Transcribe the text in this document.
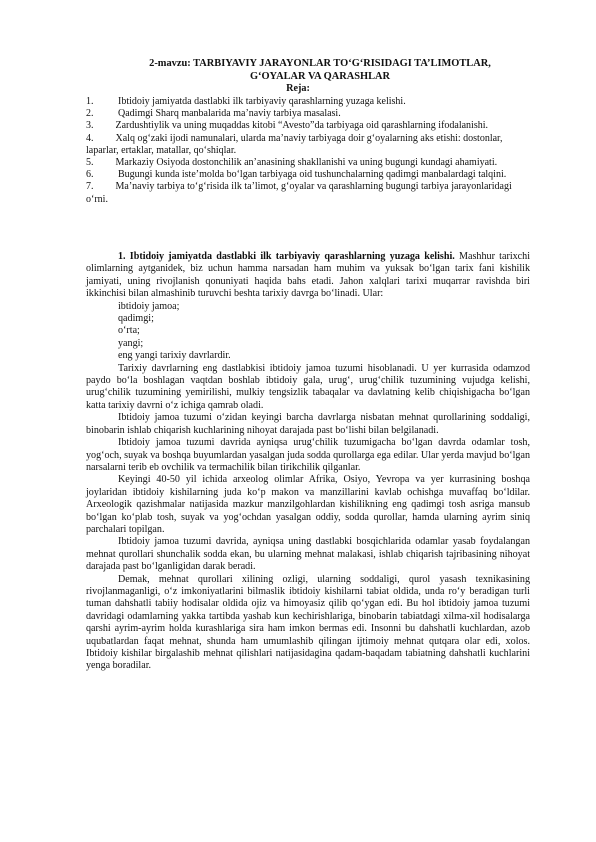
2-mavzu: TARBIYAVIY JARAYONLAR TO‘G‘RISIDAGI TA’LIMOTLAR,
G‘OYALAR VA QARASHLAR
Reja:
1.	Ibtidoiy jamiyatda dastlabki ilk tarbiyaviy qarashlarning yuzaga kelishi.
2.	Qadimgi Sharq manbalarida ma’naviy tarbiya masalasi.
3. Zardushtiylik va uning muqaddas kitobi “Avesto”da tarbiyaga oid qarashlarning ifodalanishi.
4. Xalq og‘zaki ijodi namunalari, ularda ma’naviy tarbiyaga doir g‘oyalarning aks etishi: dostonlar, laparlar, ertaklar, matallar, qo‘shiqlar.
5. Markaziy Osiyoda dostonchilik an’anasining shakllanishi va uning bugungi kundagi ahamiyati.
6.	Bugungi kunda iste’molda bo‘lgan tarbiyaga oid tushunchalarning qadimgi manbalardagi talqini.
7. Ma’naviy tarbiya to‘g‘risida ilk ta’limot, g‘oyalar va qarashlarning bugungi tarbiya jarayonlaridagi o‘rni.

1. Ibtidoiy jamiyatda dastlabki ilk tarbiyaviy qarashlarning yuzaga kelishi. Mashhur tarixchi olimlarning aytganidek, biz uchun hamma narsadan ham muhim va yuksak bo‘lgan tarix fani kishilik jamiyati, uning rivojlanish qonuniyati haqida bahs etadi. Jahon xalqlari tarixi muqarrar ravishda biri ikkinchisi bilan almashinib turuvchi beshta tarixiy davrga bo‘linadi. Ular:

ibtidoiy jamoa;
qadimgi;
o‘rta;
yangi;
eng yangi tarixiy davrlardir.

Tarixiy davrlarning eng dastlabkisi ibtidoiy jamoa tuzumi hisoblanadi. U yer kurrasida odamzod paydo bo‘la boshlagan vaqtdan boshlab ibtidoiy gala, urug‘, urug‘chilik tuzumining vujudga kelishi, urug‘chilik tuzumining yemirilishi, mulkiy tengsizlik tabaqalar va davlatning kelib chiqishigacha bo‘lgan katta tarixiy davrni o‘z ichiga qamrab oladi.

Ibtidoiy jamoa tuzumi o‘zidan keyingi barcha davrlarga nisbatan mehnat qurollarining soddaligi, binobarin ishlab chiqarish kuchlarining nihoyat darajada past bo‘lishi bilan belgilanadi.

Ibtidoiy jamoa tuzumi davrida ayniqsa urug‘chilik tuzumigacha bo‘lgan davrda odamlar tosh, yog‘och, suyak va boshqa buyumlardan yasalgan juda sodda qurollarga ega edilar. Ular yerda mavjud bo‘lgan narsalarni terib eb ovchilik va termachilik bilan tirikchilik qilganlar.

Keyingi 40-50 yil ichida arxeolog olimlar Afrika, Osiyo, Yevropa va yer kurrasining boshqa joylaridan ibtidoiy kishilarning juda ko‘p makon va manzillarini kavlab ochishga muvaffaq bo‘ldilar. Arxeologik qazishmalar natijasida mazkur manzilgohlardan kishilikning eng qadimgi tosh asriga mansub bo‘lgan ko‘plab tosh, suyak va yog‘ochdan yasalgan oddiy, sodda qurollar, hamda ularning ayrim siniq parchalari topilgan.

Ibtidoiy jamoa tuzumi davrida, ayniqsa uning dastlabki bosqichlarida odamlar yasab foydalangan mehnat qurollari shunchalik sodda ekan, bu ularning mehnat malakasi, ishlab chiqarish tajribasining nihoyat darajada past bo‘lganligidan darak beradi.

Demak, mehnat qurollari xilining ozligi, ularning soddaligi, qurol yasash texnikasining rivojlanmaganligi, o‘z imkoniyatlarini bilmaslik ibtidoiy kishilarni tabiat oldida, unda ro‘y beradigan turli tuman dahshatli tabiiy hodisalar oldida ojiz va himoyasiz qilib qo‘ygan edi. Bu hol ibtidoiy jamoa tuzumi davridagi odamlarning yakka tartibda yashab kun kechirishlariga, binobarin tabiatdagi xilma-xil hodisalarga qarshi ayrim-ayrim holda kurashlariga sira ham imkon bermas edi. Insonni bu dahshatli kuchlardan, azob uqubatlardan faqat mehnat, shunda ham umumlashib qilingan ijtimoiy mehnat qutqara olar edi, xolos. Ibtidoiy kishilar birgalashib mehnat qilishlari natijasidagina qadam-baqadam tabiatning dahshatli kuchlarini yenga boradilar.
